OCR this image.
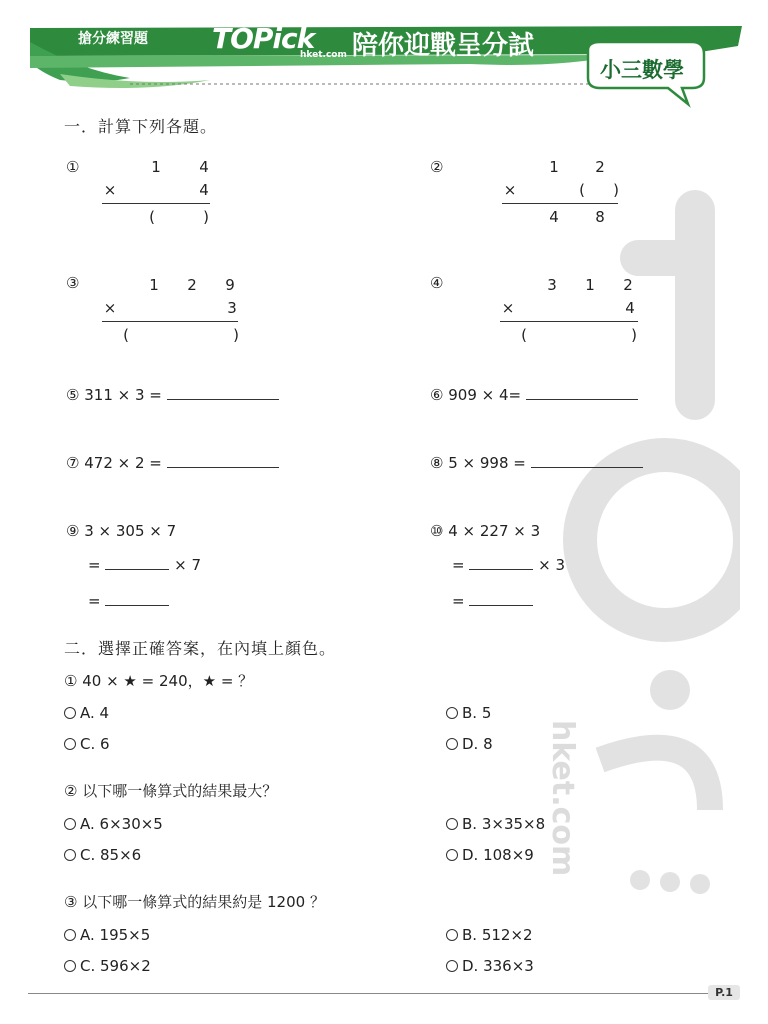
搶分練習題 TOPick
hket.com 陪你迎戰呈分試
小三數學
hket.com
一．計算下列各題。
①	1	4
×	4
(	)
②	1 2
×	(	)
4 8
③	1 2 9
×	3
(	)
④	3 1 2
×	4
(	)
⑤ 311 × 3 =	⑥ 909 × 4=
⑦ 472 × 2 =	⑧ 5 × 998 =
⑨ 3 × 305 × 7
=	× 7
=
⑩ 4 × 227 × 3
=	× 3
=
二．選擇正確答案，在內填上顏色。
① 40 × ★ = 240，★ = ？
A. 4	B. 5
C. 6	D. 8
② 以下哪一條算式的結果最大？
A. 6×30×5	B. 3×35×8
C. 85×6	D. 108×9
③ 以下哪一條算式的結果約是 1200 ？
A. 195×5	B. 512×2
C. 596×2	D. 336×3
P.1
